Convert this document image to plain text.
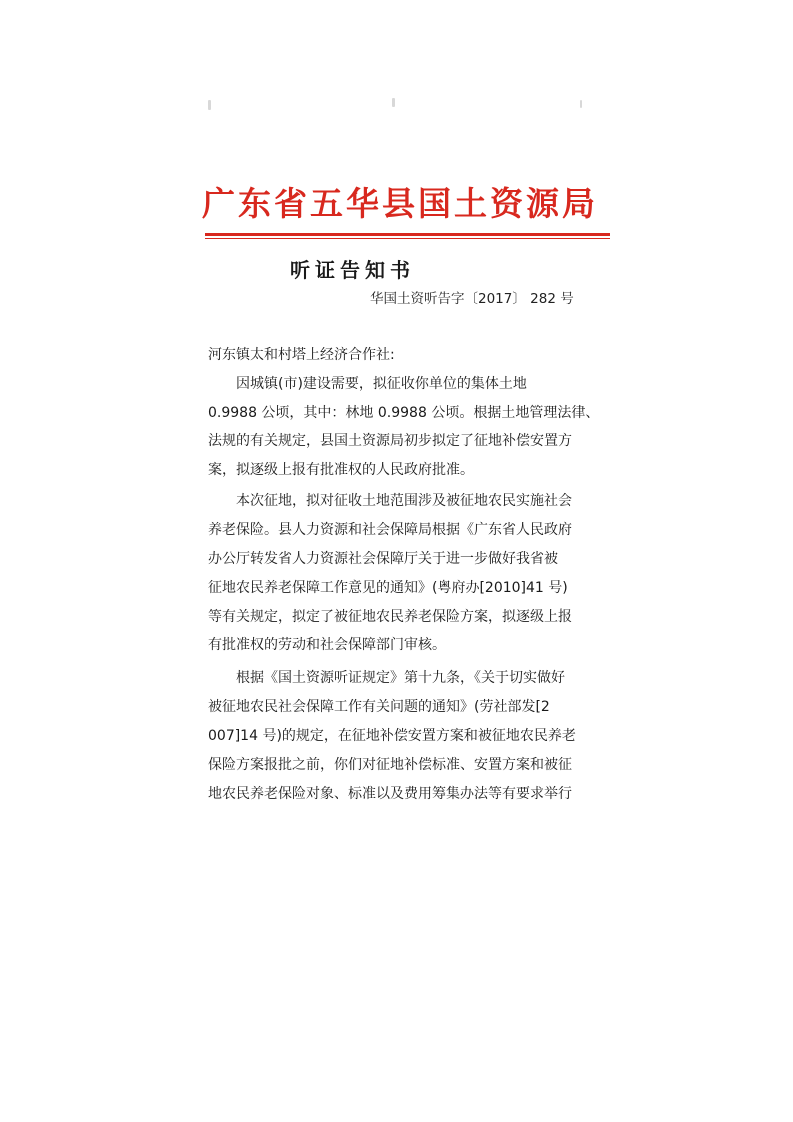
广东省五华县国土资源局
听证告知书
华国土资听告字〔2017〕 282 号
河东镇太和村塔上经济合作社:
因城镇(市)建设需要，拟征收你单位的集体土地
0.9988 公顷，其中：林地 0.9988 公顷。根据土地管理法律、
法规的有关规定，县国土资源局初步拟定了征地补偿安置方
案，拟逐级上报有批准权的人民政府批准。
本次征地，拟对征收土地范围涉及被征地农民实施社会
养老保险。县人力资源和社会保障局根据《广东省人民政府
办公厅转发省人力资源社会保障厅关于进一步做好我省被
征地农民养老保障工作意见的通知》(粤府办[2010]41 号)
等有关规定，拟定了被征地农民养老保险方案，拟逐级上报
有批准权的劳动和社会保障部门审核。
根据《国土资源听证规定》第十九条，《关于切实做好
被征地农民社会保障工作有关问题的通知》(劳社部发[2
007]14 号)的规定，在征地补偿安置方案和被征地农民养老
保险方案报批之前，你们对征地补偿标准、安置方案和被征
地农民养老保险对象、标准以及费用筹集办法等有要求举行
